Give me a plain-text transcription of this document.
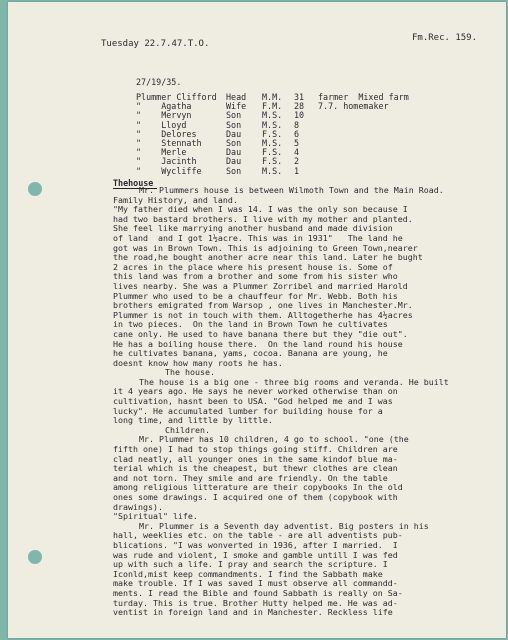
Tuesday 22.7.47.T.O.
Fm.Rec. 159.
27/19/35.
Plummer Clifford Head M.M. 31 farmer  Mixed farm
"    Agatha	Wife F.M. 28 7.7. homemaker
"    Mervyn	Son M.S. 10
"    Lloyd	Son M.S. 8
"    Delores	Dau F.S. 6
"    Stennath	Son M.S. 5
"    Merle	Dau F.S. 4
"    Jacinth	Dau F.S. 2
"    Wycliffe	Son M.S. 1
Thehouse
Mr. Plummers house is between Wilmoth Town and the Main Road.
Family History, and land.
"My father died when I was 14. I was the only son because I
had two bastard brothers. I live with my mother and planted.
She feel like marrying another husband and made division
of land  and I got 1½acre. This was in 1931"   The land he
got was in Brown Town. This is adjoining to Green Town,nearer
the road,he bought another acre near this land. Later he bught
2 acres in the place where his present house is. Some of
this land was from a brother and some from his sister who
lives nearby. She was a Plummer Zorribel and married Harold
Plummer who used to be a chauffeur for Mr. Webb. Both his
brothers emigrated from Warsop , one lives in Manchester.Mr.
Plummer is not in touch with them. Alltogetherhe has 4½acres
in two pieces.  On the land in Brown Town he cultivates
cane only. He used to have banana there but they "die out".
He has a boiling house there.  On the land round his house
he cultivates banana, yams, cocoa. Banana are young, he
doesnt know how many roots he has.
The house.
The house is a big one - three big rooms and veranda. He built
it 4 years ago. He says he never worked otherwise than on
cultivation, hasnt been to USA. "God helped me and I was
lucky". He accumulated lumber for building house for a
long time, and little by little.
Children.
Mr. Plummer has 10 children, 4 go to school. "one (the
fifth one) I had to stop things going stiff. Children are
clad neatly, all younger ones in the same kindof blue ma-
terial which is the cheapest, but thewr clothes are clean
and not torn. They smile and are friendly. On the table
among religious litterature are their copybooks In the old
ones some drawings. I acquired one of them (copybook with
drawings).
"Spiritual" life.
Mr. Plummer is a Seventh day adventist. Big posters in his
hall, weeklies etc. on the table - are all adventists pub-
blications. "I was wonverted in 1936, after I married.  I
was rude and violent, I smoke and gamble untill I was fed
up with such a life. I pray and search the scripture. I
Iconld,mist keep commandments. I find the Sabbath make
make trouble. If I was saved I must observe all commandd-
ments. I read the Bible and found Sabbath is really on Sa-
turday. This is true. Brother Hutty helped me. He was ad-
ventist in foreign land and in Manchester. Reckless life
